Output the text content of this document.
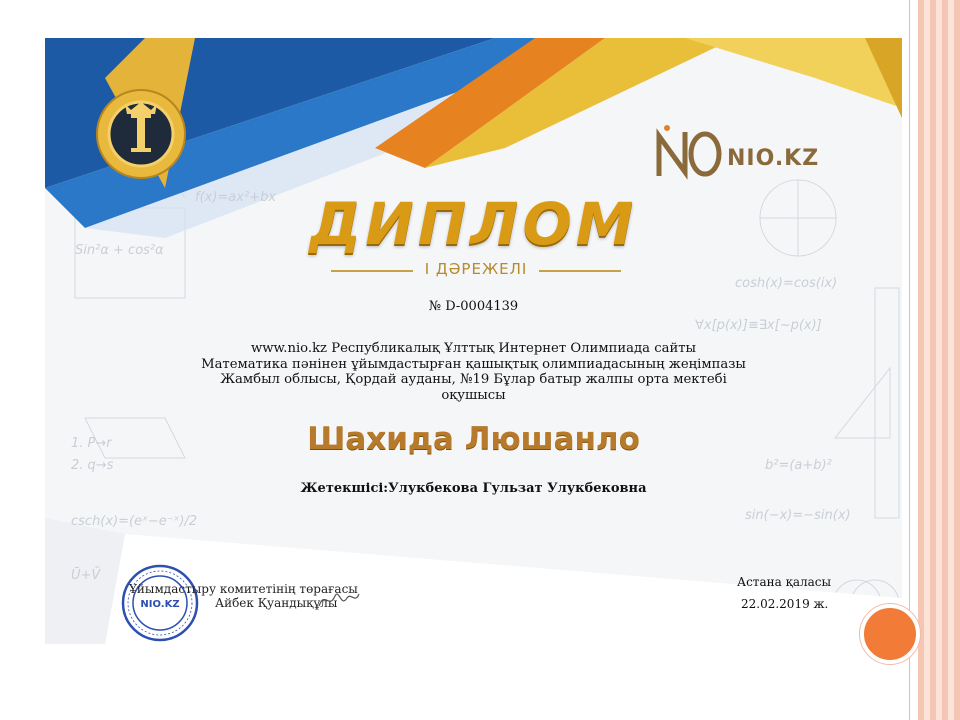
f(x)=ax²+bx
Sin²α + cos²α
cosh(x)=cos(ix)
∀x[p(x)]≡∃x[~p(x)]
1. P→r
2. q→s
csch(x)=(eˣ−e⁻ˣ)/2	sin(−x)=−sin(x)
b²=(a+b)²
Ū+V̄
NIO.KZ
ДИПЛОМ
І ДӘРЕЖЕЛІ
№ D-0004139
www.nio.kz Республикалық Ұлттық Интернет Олимпиада сайты
Математика пәнінен ұйымдастырған қашықтық олимпиадасының жеңімпазы
Жамбыл облысы, Қордай ауданы, №19 Бұлар батыр жалпы орта мектебі
оқушысы
Шахида Люшанло
Жетекшісі:Улукбекова Гульзат Улукбековна
NIO.KZ
Ұйымдастыру комитетінің төрағасы
Айбек Қуандықұлы
Астана қаласы
22.02.2019 ж.
